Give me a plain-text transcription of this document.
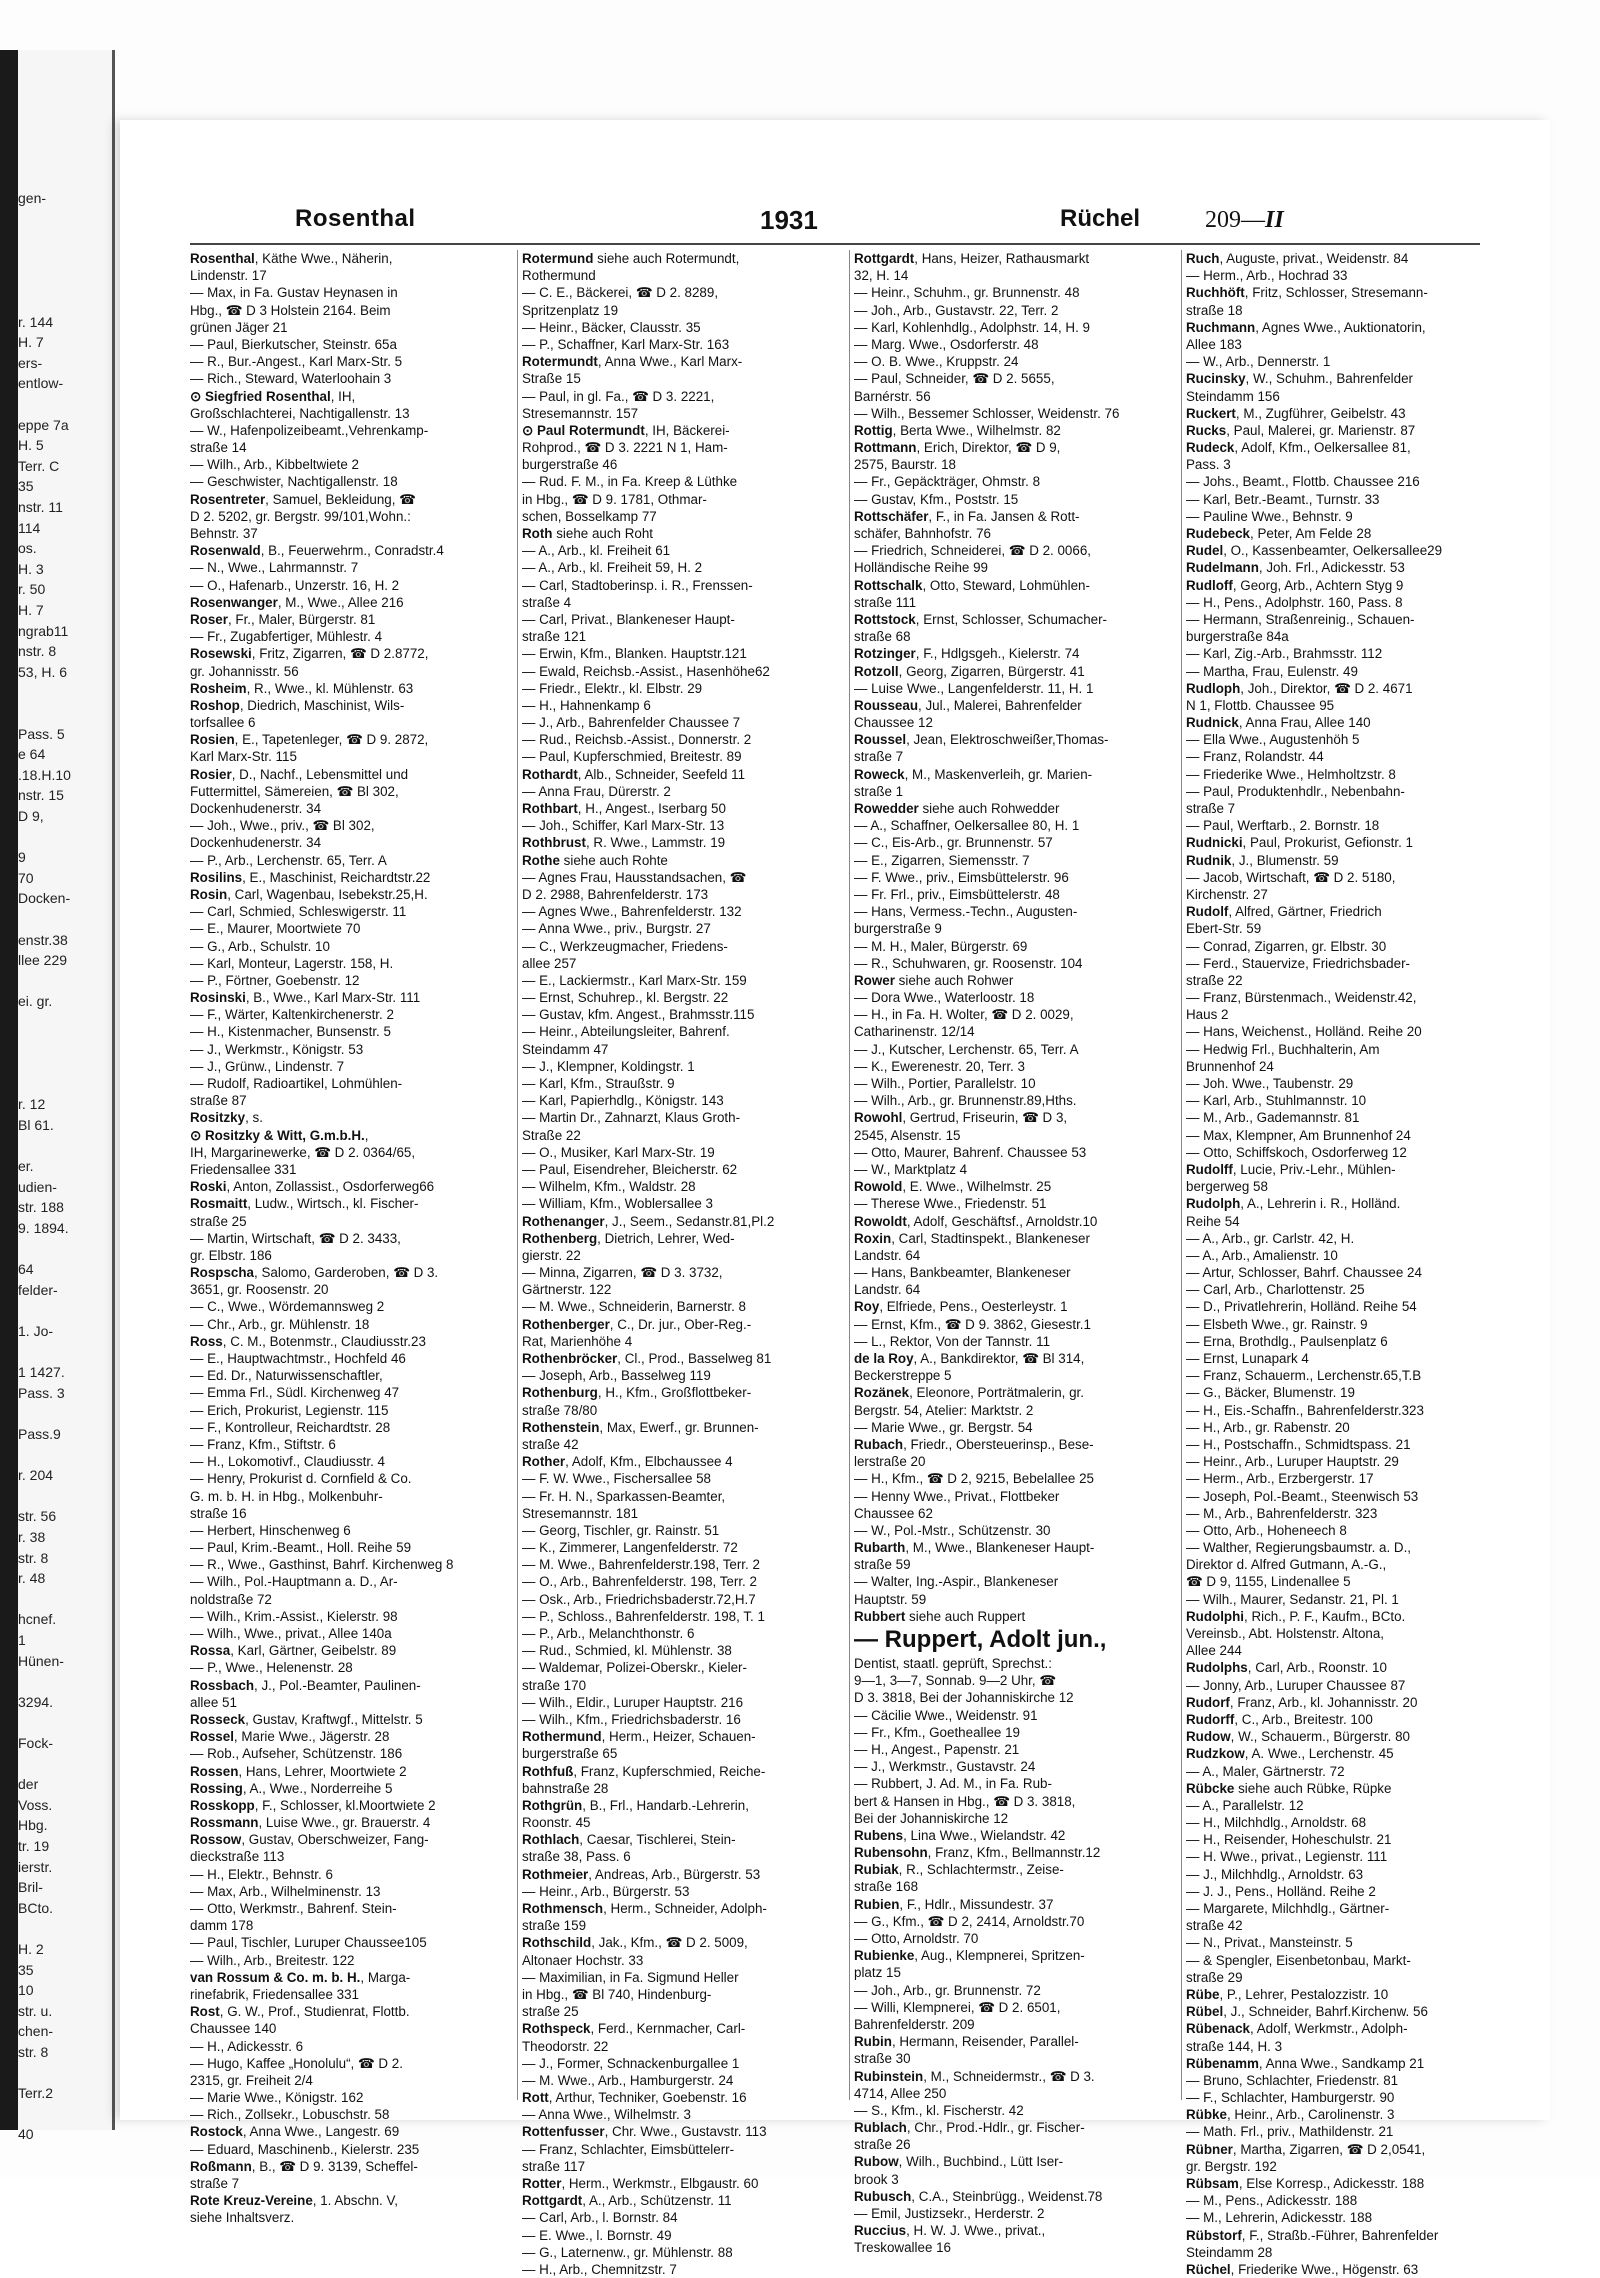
gen-
r. 144
H. 7
ers-
entlow-
eppe 7a
H. 5
Terr. C
35
nstr. 11
114
os.
H. 3
r. 50
H. 7
ngrab11
nstr. 8
53, H. 6
Pass. 5
e 64
.18.H.10
nstr. 15
D 9,
9
70
Docken-
enstr.38
llee 229
ei. gr.
r. 12
Bl 61.
er.
udien-
str. 188
9. 1894.
64
felder-
1. Jo-
1 1427.
Pass. 3
Pass.9
r. 204
str. 56
r. 38
str. 8
r. 48
hcnef.
1
Hünen-
3294.
Fock-
der
Voss.
Hbg.
tr. 19
ierstr.
Bril-
BCto.
H. 2
35
10
str. u.
chen-
str. 8
Terr.2
40
Rosenthal	1931	Rüchel	209—II
Rosenthal, Käthe Wwe., Näherin,
Lindenstr. 17
— Max, in Fa. Gustav Heynasen in
Hbg., ☎ D 3 Holstein 2164. Beim
grünen Jäger 21
— Paul, Bierkutscher, Steinstr. 65a
— R., Bur.-Angest., Karl Marx-Str. 5
— Rich., Steward, Waterloohain 3
⊙ Siegfried Rosenthal, IH,
Großschlachterei, Nachtigallenstr. 13
— W., Hafenpolizeibeamt.,Vehrenkamp-
straße 14
— Wilh., Arb., Kibbeltwiete 2
— Geschwister, Nachtigallenstr. 18
Rosentreter, Samuel, Bekleidung, ☎
D 2. 5202, gr. Bergstr. 99/101,Wohn.:
Behnstr. 37
Rosenwald, B., Feuerwehrm., Conradstr.4
— N., Wwe., Lahrmannstr. 7
— O., Hafenarb., Unzerstr. 16, H. 2
Rosenwanger, M., Wwe., Allee 216
Roser, Fr., Maler, Bürgerstr. 81
— Fr., Zugabfertiger, Mühlestr. 4
Rosewski, Fritz, Zigarren, ☎ D 2.8772,
gr. Johannisstr. 56
Rosheim, R., Wwe., kl. Mühlenstr. 63
Roshop, Diedrich, Maschinist, Wils-
torfsallee 6
Rosien, E., Tapetenleger, ☎ D 9. 2872,
Karl Marx-Str. 115
Rosier, D., Nachf., Lebensmittel und
Futtermittel, Sämereien, ☎ Bl 302,
Dockenhudenerstr. 34
— Joh., Wwe., priv., ☎ Bl 302,
Dockenhudenerstr. 34
— P., Arb., Lerchenstr. 65, Terr. A
Rosilins, E., Maschinist, Reichardtstr.22
Rosin, Carl, Wagenbau, Isebekstr.25,H.
— Carl, Schmied, Schleswigerstr. 11
— E., Maurer, Moortwiete 70
— G., Arb., Schulstr. 10
— Karl, Monteur, Lagerstr. 158, H.
— P., Förtner, Goebenstr. 12
Rosinski, B., Wwe., Karl Marx-Str. 111
— F., Wärter, Kaltenkirchenerstr. 2
— H., Kistenmacher, Bunsenstr. 5
— J., Werkmstr., Königstr. 53
— J., Grünw., Lindenstr. 7
— Rudolf, Radioartikel, Lohmühlen-
straße 87
Rositzky, s.
⊙ Rositzky & Witt, G.m.b.H.,
IH, Margarinewerke, ☎ D 2. 0364/65,
Friedensallee 331
Roski, Anton, Zollassist., Osdorferweg66
Rosmaitt, Ludw., Wirtsch., kl. Fischer-
straße 25
— Martin, Wirtschaft, ☎ D 2. 3433,
gr. Elbstr. 186
Rospscha, Salomo, Garderoben, ☎ D 3.
3651, gr. Roosenstr. 20
— C., Wwe., Wördemannsweg 2
— Chr., Arb., gr. Mühlenstr. 18
Ross, C. M., Botenmstr., Claudiusstr.23
— E., Hauptwachtmstr., Hochfeld 46
— Ed. Dr., Naturwissenschaftler,
— Emma Frl., Südl. Kirchenweg 47
— Erich, Prokurist, Legienstr. 115
— F., Kontrolleur, Reichardtstr. 28
— Franz, Kfm., Stiftstr. 6
— H., Lokomotivf., Claudiusstr. 4
— Henry, Prokurist d. Cornfield & Co.
G. m. b. H. in Hbg., Molkenbuhr-
straße 16
— Herbert, Hinschenweg 6
— Paul, Krim.-Beamt., Holl. Reihe 59
— R., Wwe., Gasthinst, Bahrf. Kirchenweg 8
— Wilh., Pol.-Hauptmann a. D., Ar-
noldstraße 72
— Wilh., Krim.-Assist., Kielerstr. 98
— Wilh., Wwe., privat., Allee 140a
Rossa, Karl, Gärtner, Geibelstr. 89
— P., Wwe., Helenenstr. 28
Rossbach, J., Pol.-Beamter, Paulinen-
allee 51
Rosseck, Gustav, Kraftwgf., Mittelstr. 5
Rossel, Marie Wwe., Jägerstr. 28
— Rob., Aufseher, Schützenstr. 186
Rossen, Hans, Lehrer, Moortwiete 2
Rossing, A., Wwe., Norderreihe 5
Rosskopp, F., Schlosser, kl.Moortwiete 2
Rossmann, Luise Wwe., gr. Brauerstr. 4
Rossow, Gustav, Oberschweizer, Fang-
dieckstraße 113
— H., Elektr., Behnstr. 6
— Max, Arb., Wilhelminenstr. 13
— Otto, Werkmstr., Bahrenf. Stein-
damm 178
— Paul, Tischler, Luruper Chaussee105
— Wilh., Arb., Breitestr. 122
van Rossum & Co. m. b. H., Marga-
rinefabrik, Friedensallee 331
Rost, G. W., Prof., Studienrat, Flottb.
Chaussee 140
— H., Adickesstr. 6
— Hugo, Kaffee „Honolulu“, ☎ D 2.
2315, gr. Freiheit 2/4
— Marie Wwe., Königstr. 162
— Rich., Zollsekr., Lobuschstr. 58
Rostock, Anna Wwe., Langestr. 69
— Eduard, Maschinenb., Kielerstr. 235
Roßmann, B., ☎ D 9. 3139, Scheffel-
straße 7
Rote Kreuz-Vereine, 1. Abschn. V,
siehe Inhaltsverz.
Rotermund siehe auch Rotermundt,
Rothermund
— C. E., Bäckerei, ☎ D 2. 8289,
Spritzenplatz 19
— Heinr., Bäcker, Clausstr. 35
— P., Schaffner, Karl Marx-Str. 163
Rotermundt, Anna Wwe., Karl Marx-
Straße 15
— Paul, in gl. Fa., ☎ D 3. 2221,
Stresemannstr. 157
⊙ Paul Rotermundt, IH, Bäckerei-
Rohprod., ☎ D 3. 2221 N 1, Ham-
burgerstraße 46
— Rud. F. M., in Fa. Kreep & Lüthke
in Hbg., ☎ D 9. 1781, Othmar-
schen, Bosselkamp 77
Roth siehe auch Roht
— A., Arb., kl. Freiheit 61
— A., Arb., kl. Freiheit 59, H. 2
— Carl, Stadtoberinsp. i. R., Frenssen-
straße 4
— Carl, Privat., Blankeneser Haupt-
straße 121
— Erwin, Kfm., Blanken. Hauptstr.121
— Ewald, Reichsb.-Assist., Hasenhöhe62
— Friedr., Elektr., kl. Elbstr. 29
— H., Hahnenkamp 6
— J., Arb., Bahrenfelder Chaussee 7
— Rud., Reichsb.-Assist., Donnerstr. 2
— Paul, Kupferschmied, Breitestr. 89
Rothardt, Alb., Schneider, Seefeld 11
— Anna Frau, Dürerstr. 2
Rothbart, H., Angest., Iserbarg 50
— Joh., Schiffer, Karl Marx-Str. 13
Rothbrust, R. Wwe., Lammstr. 19
Rothe siehe auch Rohte
— Agnes Frau, Hausstandsachen, ☎
D 2. 2988, Bahrenfelderstr. 173
— Agnes Wwe., Bahrenfelderstr. 132
— Anna Wwe., priv., Burgstr. 27
— C., Werkzeugmacher, Friedens-
allee 257
— E., Lackiermstr., Karl Marx-Str. 159
— Ernst, Schuhrep., kl. Bergstr. 22
— Gustav, kfm. Angest., Brahmsstr.115
— Heinr., Abteilungsleiter, Bahrenf.
Steindamm 47
— J., Klempner, Koldingstr. 1
— Karl, Kfm., Straußstr. 9
— Karl, Papierhdlg., Königstr. 143
— Martin Dr., Zahnarzt, Klaus Groth-
Straße 22
— O., Musiker, Karl Marx-Str. 19
— Paul, Eisendreher, Bleicherstr. 62
— Wilhelm, Kfm., Waldstr. 28
— William, Kfm., Woblersallee 3
Rothenanger, J., Seem., Sedanstr.81,Pl.2
Rothenberg, Dietrich, Lehrer, Wed-
gierstr. 22
— Minna, Zigarren, ☎ D 3. 3732,
Gärtnerstr. 122
— M. Wwe., Schneiderin, Barnerstr. 8
Rothenberger, C., Dr. jur., Ober-Reg.-
Rat, Marienhöhe 4
Rothenbröcker, Cl., Prod., Basselweg 81
— Joseph, Arb., Basselweg 119
Rothenburg, H., Kfm., Großflottbeker-
straße 78/80
Rothenstein, Max, Ewerf., gr. Brunnen-
straße 42
Rother, Adolf, Kfm., Elbchaussee 4
— F. W. Wwe., Fischersallee 58
— Fr. H. N., Sparkassen-Beamter,
Stresemannstr. 181
— Georg, Tischler, gr. Rainstr. 51
— K., Zimmerer, Langenfelderstr. 72
— M. Wwe., Bahrenfelderstr.198, Terr. 2
— O., Arb., Bahrenfelderstr. 198, Terr. 2
— Osk., Arb., Friedrichsbaderstr.72,H.7
— P., Schloss., Bahrenfelderstr. 198, T. 1
— P., Arb., Melanchthonstr. 6
— Rud., Schmied, kl. Mühlenstr. 38
— Waldemar, Polizei-Oberskr., Kieler-
straße 170
— Wilh., Eldir., Luruper Hauptstr. 216
— Wilh., Kfm., Friedrichsbaderstr. 16
Rothermund, Herm., Heizer, Schauen-
burgerstraße 65
Rothfuß, Franz, Kupferschmied, Reiche-
bahnstraße 28
Rothgrün, B., Frl., Handarb.-Lehrerin,
Roonstr. 45
Rothlach, Caesar, Tischlerei, Stein-
straße 38, Pass. 6
Rothmeier, Andreas, Arb., Bürgerstr. 53
— Heinr., Arb., Bürgerstr. 53
Rothmensch, Herm., Schneider, Adolph-
straße 159
Rothschild, Jak., Kfm., ☎ D 2. 5009,
Altonaer Hochstr. 33
— Maximilian, in Fa. Sigmund Heller
in Hbg., ☎ Bl 740, Hindenburg-
straße 25
Rothspeck, Ferd., Kernmacher, Carl-
Theodorstr. 22
— J., Former, Schnackenburgallee 1
— M. Wwe., Arb., Hamburgerstr. 24
Rott, Arthur, Techniker, Goebenstr. 16
— Anna Wwe., Wilhelmstr. 3
Rottenfusser, Chr. Wwe., Gustavstr. 113
— Franz, Schlachter, Eimsbüttelerr-
straße 117
Rotter, Herm., Werkmstr., Elbgaustr. 60
Rottgardt, A., Arb., Schützenstr. 11
— Carl, Arb., l. Bornstr. 84
— E. Wwe., l. Bornstr. 49
— G., Laternenw., gr. Mühlenstr. 88
— H., Arb., Chemnitzstr. 7
Rottgardt, Hans, Heizer, Rathausmarkt
32, H. 14
— Heinr., Schuhm., gr. Brunnenstr. 48
— Joh., Arb., Gustavstr. 22, Terr. 2
— Karl, Kohlenhdlg., Adolphstr. 14, H. 9
— Marg. Wwe., Osdorferstr. 48
— O. B. Wwe., Kruppstr. 24
— Paul, Schneider, ☎ D 2. 5655,
Barnérstr. 56
— Wilh., Bessemer Schlosser, Weidenstr. 76
Rottig, Berta Wwe., Wilhelmstr. 82
Rottmann, Erich, Direktor, ☎ D 9,
2575, Baurstr. 18
— Fr., Gepäckträger, Ohmstr. 8
— Gustav, Kfm., Poststr. 15
Rottschäfer, F., in Fa. Jansen & Rott-
schäfer, Bahnhofstr. 76
— Friedrich, Schneiderei, ☎ D 2. 0066,
Holländische Reihe 99
Rottschalk, Otto, Steward, Lohmühlen-
straße 111
Rottstock, Ernst, Schlosser, Schumacher-
straße 68
Rotzinger, F., Hdlgsgeh., Kielerstr. 74
Rotzoll, Georg, Zigarren, Bürgerstr. 41
— Luise Wwe., Langenfelderstr. 11, H. 1
Rousseau, Jul., Malerei, Bahrenfelder
Chaussee 12
Roussel, Jean, Elektroschweißer,Thomas-
straße 7
Roweck, M., Maskenverleih, gr. Marien-
straße 1
Rowedder siehe auch Rohwedder
— A., Schaffner, Oelkersallee 80, H. 1
— C., Eis-Arb., gr. Brunnenstr. 57
— E., Zigarren, Siemensstr. 7
— F. Wwe., priv., Eimsbüttelerstr. 96
— Fr. Frl., priv., Eimsbüttelerstr. 48
— Hans, Vermess.-Techn., Augusten-
burgerstraße 9
— M. H., Maler, Bürgerstr. 69
— R., Schuhwaren, gr. Roosenstr. 104
Rower siehe auch Rohwer
— Dora Wwe., Waterloostr. 18
— H., in Fa. H. Wolter, ☎ D 2. 0029,
Catharinenstr. 12/14
— J., Kutscher, Lerchenstr. 65, Terr. A
— K., Ewerenestr. 20, Terr. 3
— Wilh., Portier, Parallelstr. 10
— Wilh., Arb., gr. Brunnenstr.89,Hths.
Rowohl, Gertrud, Friseurin, ☎ D 3,
2545, Alsenstr. 15
— Otto, Maurer, Bahrenf. Chaussee 53
— W., Marktplatz 4
Rowold, E. Wwe., Wilhelmstr. 25
— Therese Wwe., Friedenstr. 51
Rowoldt, Adolf, Geschäftsf., Arnoldstr.10
Roxin, Carl, Stadtinspekt., Blankeneser
Landstr. 64
— Hans, Bankbeamter, Blankeneser
Landstr. 64
Roy, Elfriede, Pens., Oesterleystr. 1
— Ernst, Kfm., ☎ D 9. 3862, Giesestr.1
— L., Rektor, Von der Tannstr. 11
de la Roy, A., Bankdirektor, ☎ Bl 314,
Beckerstreppe 5
Rozänek, Eleonore, Porträtmalerin, gr.
Bergstr. 54, Atelier: Marktstr. 2
— Marie Wwe., gr. Bergstr. 54
Rubach, Friedr., Obersteuerinsp., Bese-
lerstraße 20
— H., Kfm., ☎ D 2, 9215, Bebelallee 25
— Henny Wwe., Privat., Flottbeker
Chaussee 62
— W., Pol.-Mstr., Schützenstr. 30
Rubarth, M., Wwe., Blankeneser Haupt-
straße 59
— Walter, Ing.-Aspir., Blankeneser
Hauptstr. 59
Rubbert siehe auch Ruppert
— Ruppert, Adolt jun.,
Dentist, staatl. geprüft, Sprechst.:
9—1, 3—7, Sonnab. 9—2 Uhr, ☎
D 3. 3818, Bei der Johanniskirche 12
— Cäcilie Wwe., Weidenstr. 91
— Fr., Kfm., Goetheallee 19
— H., Angest., Papenstr. 21
— J., Werkmstr., Gustavstr. 24
— Rubbert, J. Ad. M., in Fa. Rub-
bert & Hansen in Hbg., ☎ D 3. 3818,
Bei der Johanniskirche 12
Rubens, Lina Wwe., Wielandstr. 42
Rubensohn, Franz, Kfm., Bellmannstr.12
Rubiak, R., Schlachtermstr., Zeise-
straße 168
Rubien, F., Hdlr., Missundestr. 37
— G., Kfm., ☎ D 2, 2414, Arnoldstr.70
— Otto, Arnoldstr. 70
Rubienke, Aug., Klempnerei, Spritzen-
platz 15
— Joh., Arb., gr. Brunnenstr. 72
— Willi, Klempnerei, ☎ D 2. 6501,
Bahrenfelderstr. 209
Rubin, Hermann, Reisender, Parallel-
straße 30
Rubinstein, M., Schneidermstr., ☎ D 3.
4714, Allee 250
— S., Kfm., kl. Fischerstr. 42
Rublach, Chr., Prod.-Hdlr., gr. Fischer-
straße 26
Rubow, Wilh., Buchbind., Lütt Iser-
brook 3
Rubusch, C.A., Steinbrügg., Weidenst.78
— Emil, Justizsekr., Herderstr. 2
Ruccius, H. W. J. Wwe., privat.,
Treskowallee 16
Ruch, Auguste, privat., Weidenstr. 84
— Herm., Arb., Hochrad 33
Ruchhöft, Fritz, Schlosser, Stresemann-
straße 18
Ruchmann, Agnes Wwe., Auktionatorin,
Allee 183
— W., Arb., Dennerstr. 1
Rucinsky, W., Schuhm., Bahrenfelder
Steindamm 156
Ruckert, M., Zugführer, Geibelstr. 43
Rucks, Paul, Malerei, gr. Marienstr. 87
Rudeck, Adolf, Kfm., Oelkersallee 81,
Pass. 3
— Johs., Beamt., Flottb. Chaussee 216
— Karl, Betr.-Beamt., Turnstr. 33
— Pauline Wwe., Behnstr. 9
Rudebeck, Peter, Am Felde 28
Rudel, O., Kassenbeamter, Oelkersallee29
Rudelmann, Joh. Frl., Adickesstr. 53
Rudloff, Georg, Arb., Achtern Styg 9
— H., Pens., Adolphstr. 160, Pass. 8
— Hermann, Straßenreinig., Schauen-
burgerstraße 84a
— Karl, Zig.-Arb., Brahmsstr. 112
— Martha, Frau, Eulenstr. 49
Rudloph, Joh., Direktor, ☎ D 2. 4671
N 1, Flottb. Chaussee 95
Rudnick, Anna Frau, Allee 140
— Ella Wwe., Augustenhöh 5
— Franz, Rolandstr. 44
— Friederike Wwe., Helmholtzstr. 8
— Paul, Produktenhdlr., Nebenbahn-
straße 7
— Paul, Werftarb., 2. Bornstr. 18
Rudnicki, Paul, Prokurist, Gefionstr. 1
Rudnik, J., Blumenstr. 59
— Jacob, Wirtschaft, ☎ D 2. 5180,
Kirchenstr. 27
Rudolf, Alfred, Gärtner, Friedrich
Ebert-Str. 59
— Conrad, Zigarren, gr. Elbstr. 30
— Ferd., Stauervize, Friedrichsbader-
straße 22
— Franz, Bürstenmach., Weidenstr.42,
Haus 2
— Hans, Weichenst., Holländ. Reihe 20
— Hedwig Frl., Buchhalterin, Am
Brunnenhof 24
— Joh. Wwe., Taubenstr. 29
— Karl, Arb., Stuhlmannstr. 10
— M., Arb., Gademannstr. 81
— Max, Klempner, Am Brunnenhof 24
— Otto, Schiffskoch, Osdorferweg 12
Rudolff, Lucie, Priv.-Lehr., Mühlen-
bergerweg 58
Rudolph, A., Lehrerin i. R., Holländ.
Reihe 54
— A., Arb., gr. Carlstr. 42, H.
— A., Arb., Amalienstr. 10
— Artur, Schlosser, Bahrf. Chaussee 24
— Carl, Arb., Charlottenstr. 25
— D., Privatlehrerin, Holländ. Reihe 54
— Elsbeth Wwe., gr. Rainstr. 9
— Erna, Brothdlg., Paulsenplatz 6
— Ernst, Lunapark 4
— Franz, Schauerm., Lerchenstr.65,T.B
— G., Bäcker, Blumenstr. 19
— H., Eis.-Schaffn., Bahrenfelderstr.323
— H., Arb., gr. Rabenstr. 20
— H., Postschaffn., Schmidtspass. 21
— Heinr., Arb., Luruper Hauptstr. 29
— Herm., Arb., Erzbergerstr. 17
— Joseph, Pol.-Beamt., Steenwisch 53
— M., Arb., Bahrenfelderstr. 323
— Otto, Arb., Hoheneech 8
— Walther, Regierungsbaumstr. a. D.,
Direktor d. Alfred Gutmann, A.-G.,
☎ D 9, 1155, Lindenallee 5
— Wilh., Maurer, Sedanstr. 21, Pl. 1
Rudolphi, Rich., P. F., Kaufm., BCto.
Vereinsb., Abt. Holstenstr. Altona,
Allee 244
Rudolphs, Carl, Arb., Roonstr. 10
— Jonny, Arb., Luruper Chaussee 87
Rudorf, Franz, Arb., kl. Johannisstr. 20
Rudorff, C., Arb., Breitestr. 100
Rudow, W., Schauerm., Bürgerstr. 80
Rudzkow, A. Wwe., Lerchenstr. 45
— A., Maler, Gärtnerstr. 72
Rübcke siehe auch Rübke, Rüpke
— A., Parallelstr. 12
— H., Milchhdlg., Arnoldstr. 68
— H., Reisender, Hoheschulstr. 21
— H. Wwe., privat., Legienstr. 111
— J., Milchhdlg., Arnoldstr. 63
— J. J., Pens., Holländ. Reihe 2
— Margarete, Milchhdlg., Gärtner-
straße 42
— N., Privat., Mansteinstr. 5
— & Spengler, Eisenbetonbau, Markt-
straße 29
Rübe, P., Lehrer, Pestalozzistr. 10
Rübel, J., Schneider, Bahrf.Kirchenw. 56
Rübenack, Adolf, Werkmstr., Adolph-
straße 144, H. 3
Rübenamm, Anna Wwe., Sandkamp 21
— Bruno, Schlachter, Friedenstr. 81
— F., Schlachter, Hamburgerstr. 90
Rübke, Heinr., Arb., Carolinenstr. 3
— Math. Frl., priv., Mathildenstr. 21
Rübner, Martha, Zigarren, ☎ D 2,0541,
gr. Bergstr. 192
Rübsam, Else Korresp., Adickesstr. 188
— M., Pens., Adickesstr. 188
— M., Lehrerin, Adickesstr. 188
Rübstorf, F., Straßb.-Führer, Bahrenfelder
Steindamm 28
Rüchel, Friederike Wwe., Högenstr. 63
